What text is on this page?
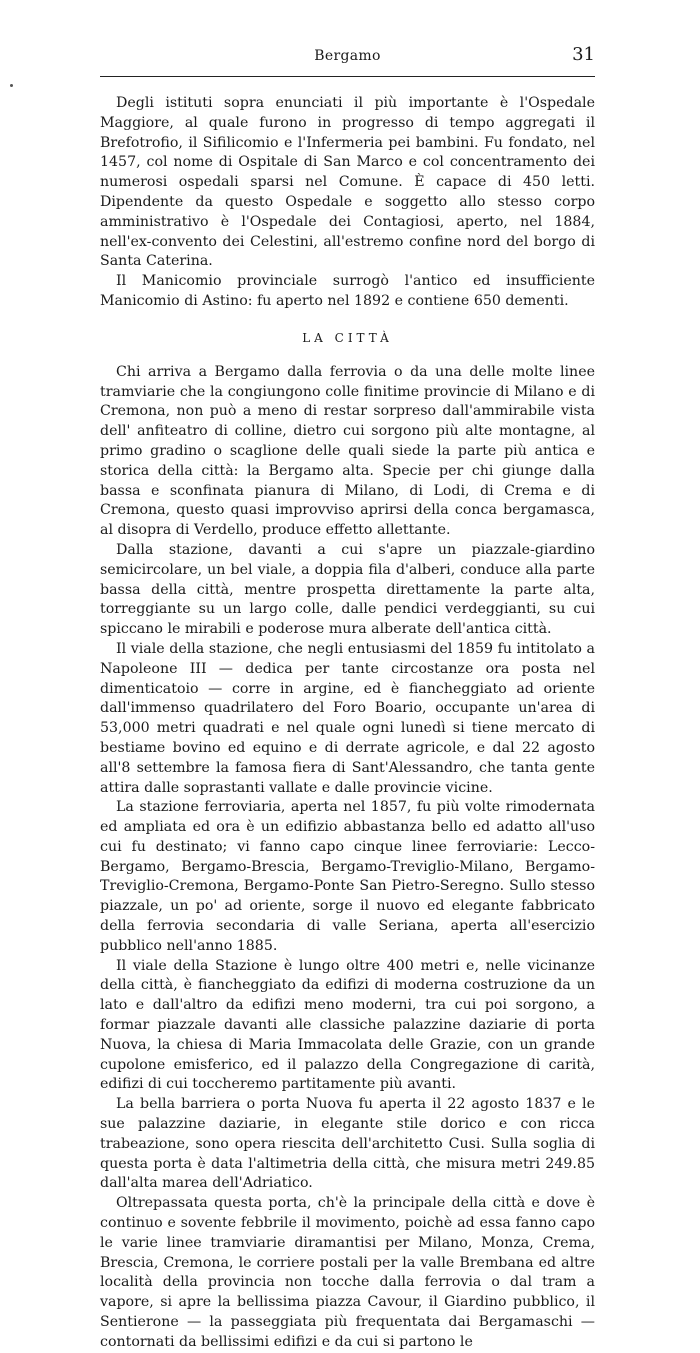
Bergamo	31

Degli istituti sopra enunciati il più importante è l'Ospedale Maggiore, al quale furono in progresso di tempo aggregati il Brefotrofio, il Sifilicomio e l'Infermeria pei bambini. Fu fondato, nel 1457, col nome di Ospitale di San Marco e col concentramento dei numerosi ospedali sparsi nel Comune. È capace di 450 letti. Dipendente da questo Ospedale e soggetto allo stesso corpo amministrativo è l'Ospedale dei Contagiosi, aperto, nel 1884, nell'ex-convento dei Celestini, all'estremo confine nord del borgo di Santa Caterina.

Il Manicomio provinciale surrogò l'antico ed insufficiente Manicomio di Astino: fu aperto nel 1892 e contiene 650 dementi.

LA CITTÀ

Chi arriva a Bergamo dalla ferrovia o da una delle molte linee tramviarie che la congiungono colle finitime provincie di Milano e di Cremona, non può a meno di restar sorpreso dall'ammirabile vista dell' anfiteatro di colline, dietro cui sorgono più alte montagne, al primo gradino o scaglione delle quali siede la parte più antica e storica della città: la Bergamo alta. Specie per chi giunge dalla bassa e sconfinata pianura di Milano, di Lodi, di Crema e di Cremona, questo quasi improvviso aprirsi della conca bergamasca, al disopra di Verdello, produce effetto allettante.

Dalla stazione, davanti a cui s'apre un piazzale-giardino semicircolare, un bel viale, a doppia fila d'alberi, conduce alla parte bassa della città, mentre prospetta direttamente la parte alta, torreggiante su un largo colle, dalle pendici verdeggianti, su cui spiccano le mirabili e poderose mura alberate dell'antica città.

Il viale della stazione, che negli entusiasmi del 1859 fu intitolato a Napoleone III — dedica per tante circostanze ora posta nel dimenticatoio — corre in argine, ed è fiancheggiato ad oriente dall'immenso quadrilatero del Foro Boario, occupante un'area di 53,000 metri quadrati e nel quale ogni lunedì si tiene mercato di bestiame bovino ed equino e di derrate agricole, e dal 22 agosto all'8 settembre la famosa fiera di Sant'Alessandro, che tanta gente attira dalle soprastanti vallate e dalle provincie vicine.

La stazione ferroviaria, aperta nel 1857, fu più volte rimodernata ed ampliata ed ora è un edifizio abbastanza bello ed adatto all'uso cui fu destinato; vi fanno capo cinque linee ferroviarie: Lecco-Bergamo, Bergamo-Brescia, Bergamo-Treviglio-Milano, Bergamo-Treviglio-Cremona, Bergamo-Ponte San Pietro-Seregno. Sullo stesso piazzale, un po' ad oriente, sorge il nuovo ed elegante fabbricato della ferrovia secondaria di valle Seriana, aperta all'esercizio pubblico nell'anno 1885.

Il viale della Stazione è lungo oltre 400 metri e, nelle vicinanze della città, è fiancheggiato da edifizi di moderna costruzione da un lato e dall'altro da edifizi meno moderni, tra cui poi sorgono, a formar piazzale davanti alle classiche palazzine daziarie di porta Nuova, la chiesa di Maria Immacolata delle Grazie, con un grande cupolone emisferico, ed il palazzo della Congregazione di carità, edifizi di cui toccheremo partitamente più avanti.

La bella barriera o porta Nuova fu aperta il 22 agosto 1837 e le sue palazzine daziarie, in elegante stile dorico e con ricca trabeazione, sono opera riescita dell'architetto Cusi. Sulla soglia di questa porta è data l'altimetria della città, che misura metri 249.85 dall'alta marea dell'Adriatico.

Oltrepassata questa porta, ch'è la principale della città e dove è continuo e sovente febbrile il movimento, poichè ad essa fanno capo le varie linee tramviarie diramantisi per Milano, Monza, Crema, Brescia, Cremona, le corriere postali per la valle Brembana ed altre località della provincia non tocche dalla ferrovia o dal tram a vapore, si apre la bellissima piazza Cavour, il Giardino pubblico, il Sentierone — la passeggiata più frequentata dai Bergamaschi — contornati da bellissimi edifizi e da cui si partono le
